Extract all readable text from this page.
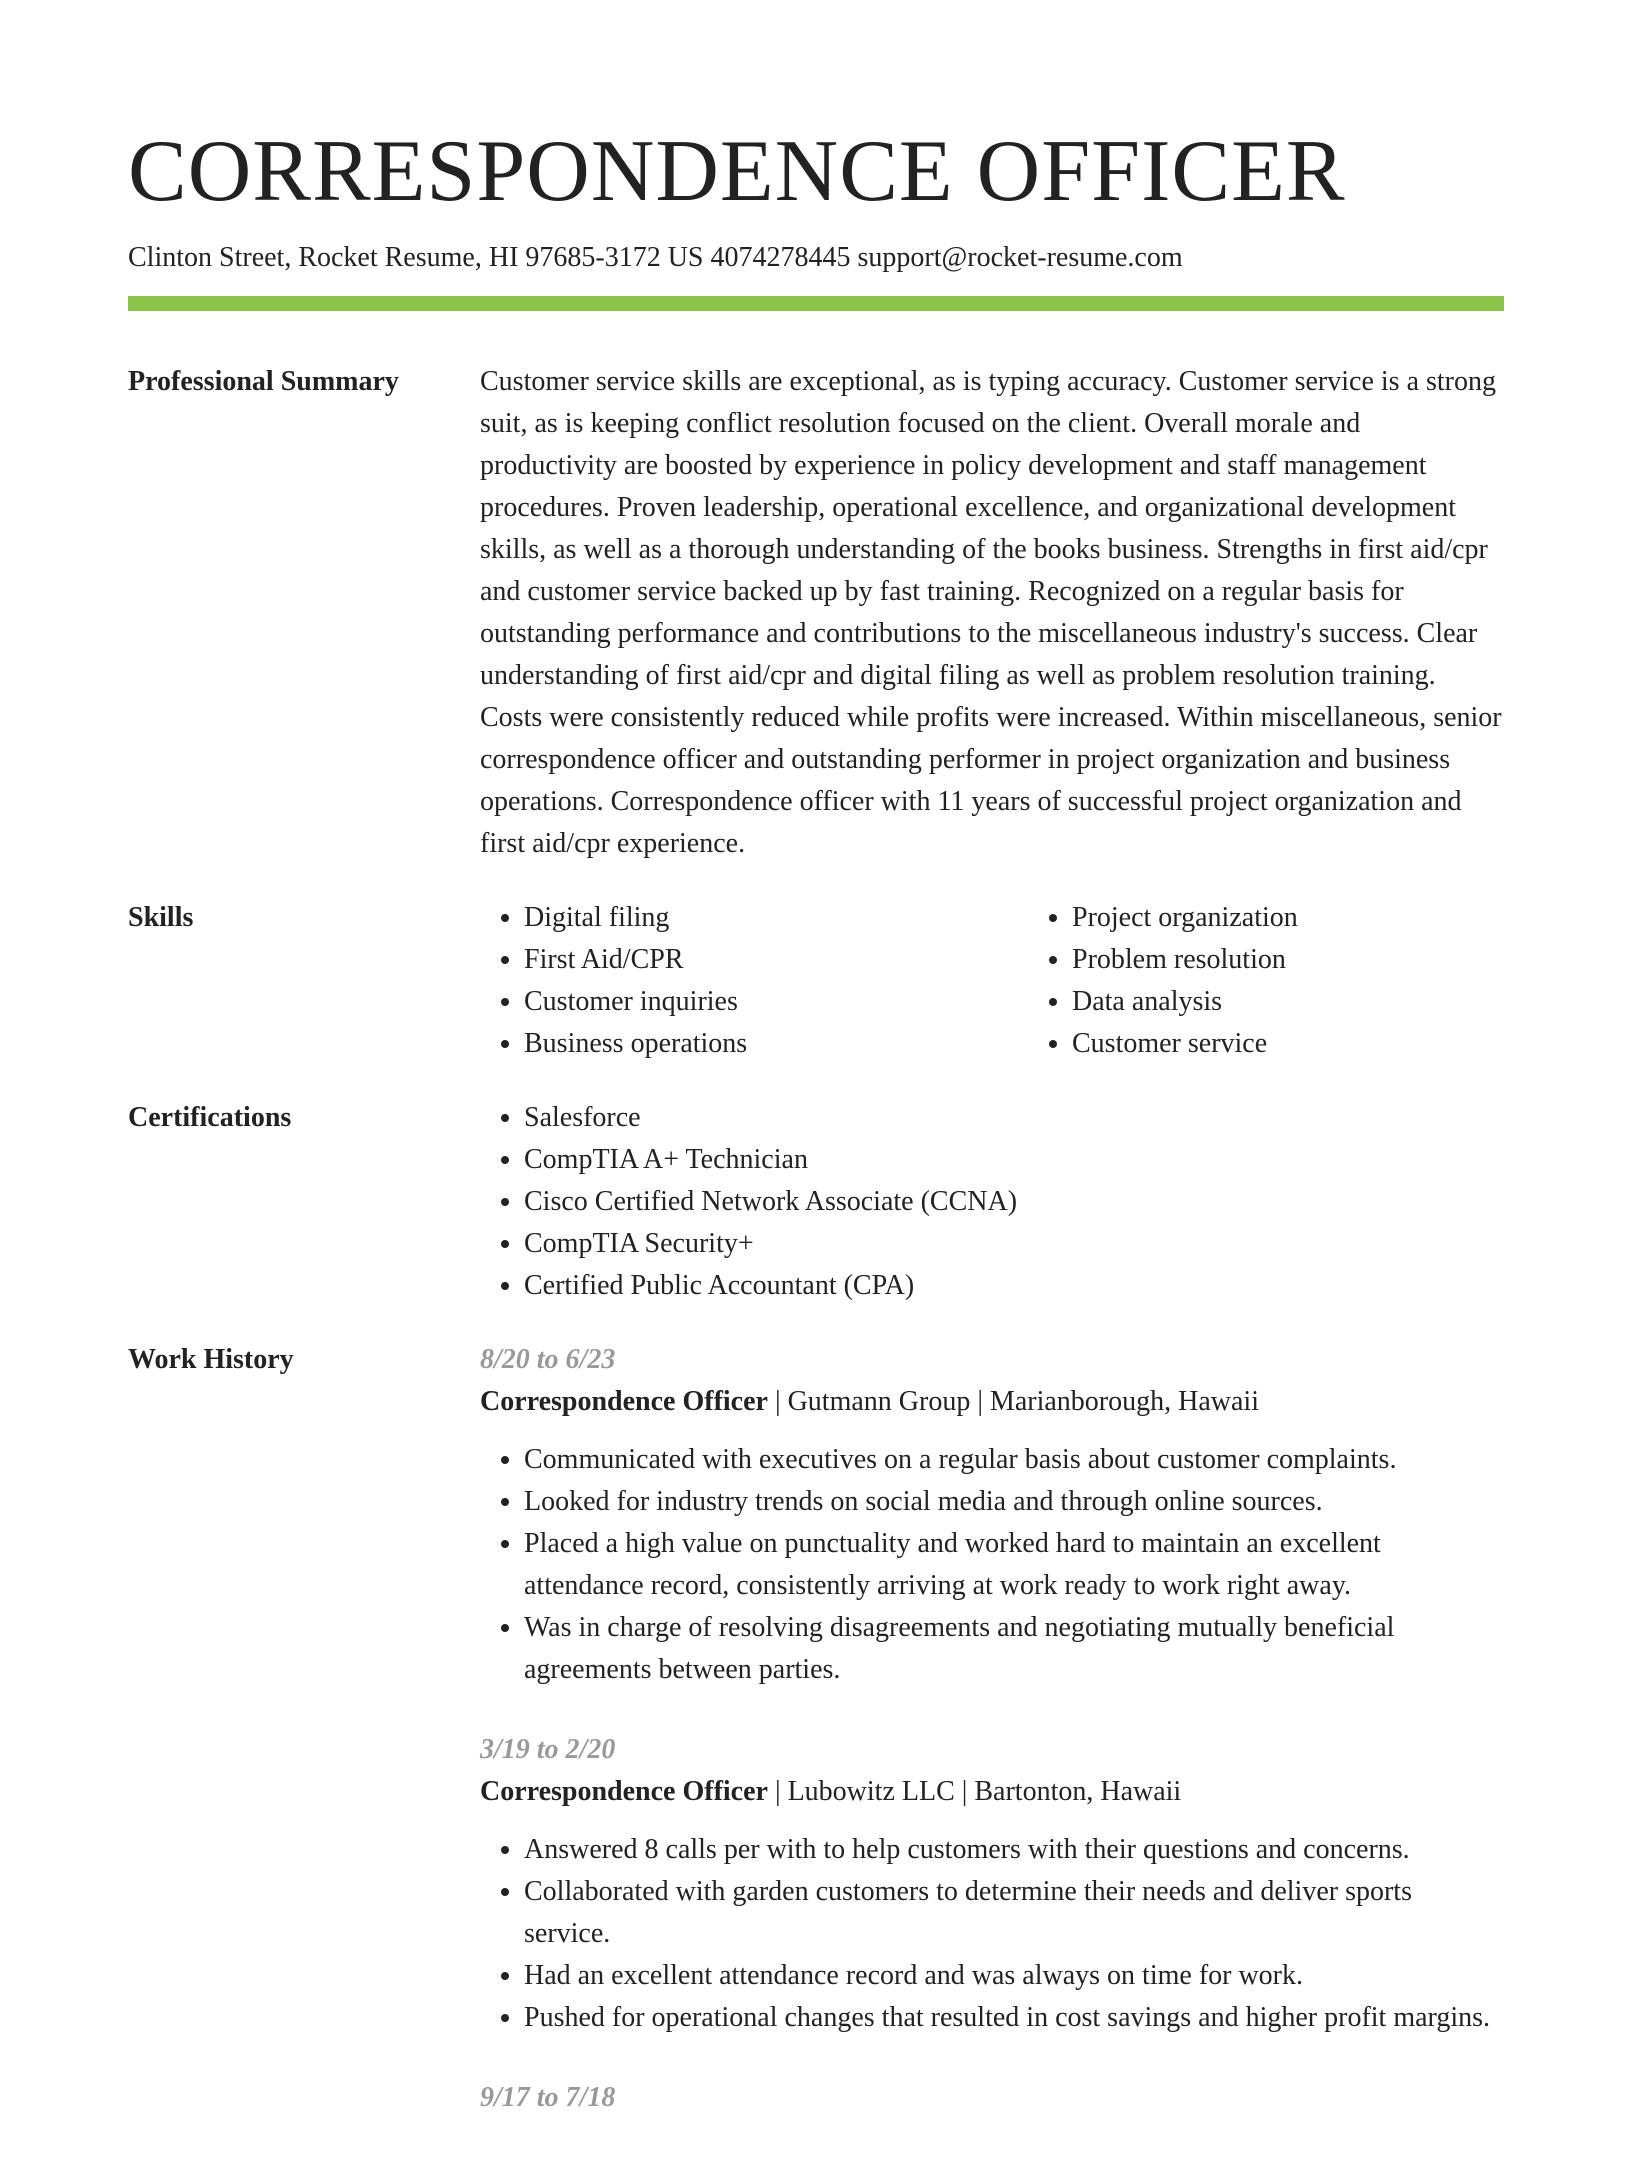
CORRESPONDENCE OFFICER
Clinton Street, Rocket Resume, HI 97685-3172 US 4074278445 support@rocket-resume.com
Professional Summary	Customer service skills are exceptional, as is typing accuracy. Customer service is a strong suit, as is keeping conflict resolution focused on the client. Overall morale and productivity are boosted by experience in policy development and staff management procedures. Proven leadership, operational excellence, and organizational development skills, as well as a thorough understanding of the books business. Strengths in first aid/cpr and customer service backed up by fast training. Recognized on a regular basis for outstanding performance and contributions to the miscellaneous industry's success. Clear understanding of first aid/cpr and digital filing as well as problem resolution training. Costs were consistently reduced while profits were increased. Within miscellaneous, senior correspondence officer and outstanding performer in project organization and business operations. Correspondence officer with 11 years of successful project organization and first aid/cpr experience.

Skills	• Digital filing
• First Aid/CPR
• Customer inquiries
• Business operations
• Project organization
• Problem resolution
• Data analysis
• Customer service
Certifications	• Salesforce
• CompTIA A+ Technician
• Cisco Certified Network Associate (CCNA)
• CompTIA Security+
• Certified Public Accountant (CPA)
Work History	8/20 to 6/23
Correspondence Officer | Gutmann Group | Marianborough, Hawaii
• Communicated with executives on a regular basis about customer complaints.
• Looked for industry trends on social media and through online sources.
• Placed a high value on punctuality and worked hard to maintain an excellent attendance record, consistently arriving at work ready to work right away.
• Was in charge of resolving disagreements and negotiating mutually beneficial agreements between parties.
3/19 to 2/20
Correspondence Officer | Lubowitz LLC | Bartonton, Hawaii
• Answered 8 calls per with to help customers with their questions and concerns.
• Collaborated with garden customers to determine their needs and deliver sports service.
• Had an excellent attendance record and was always on time for work.
• Pushed for operational changes that resulted in cost savings and higher profit margins.
9/17 to 7/18
